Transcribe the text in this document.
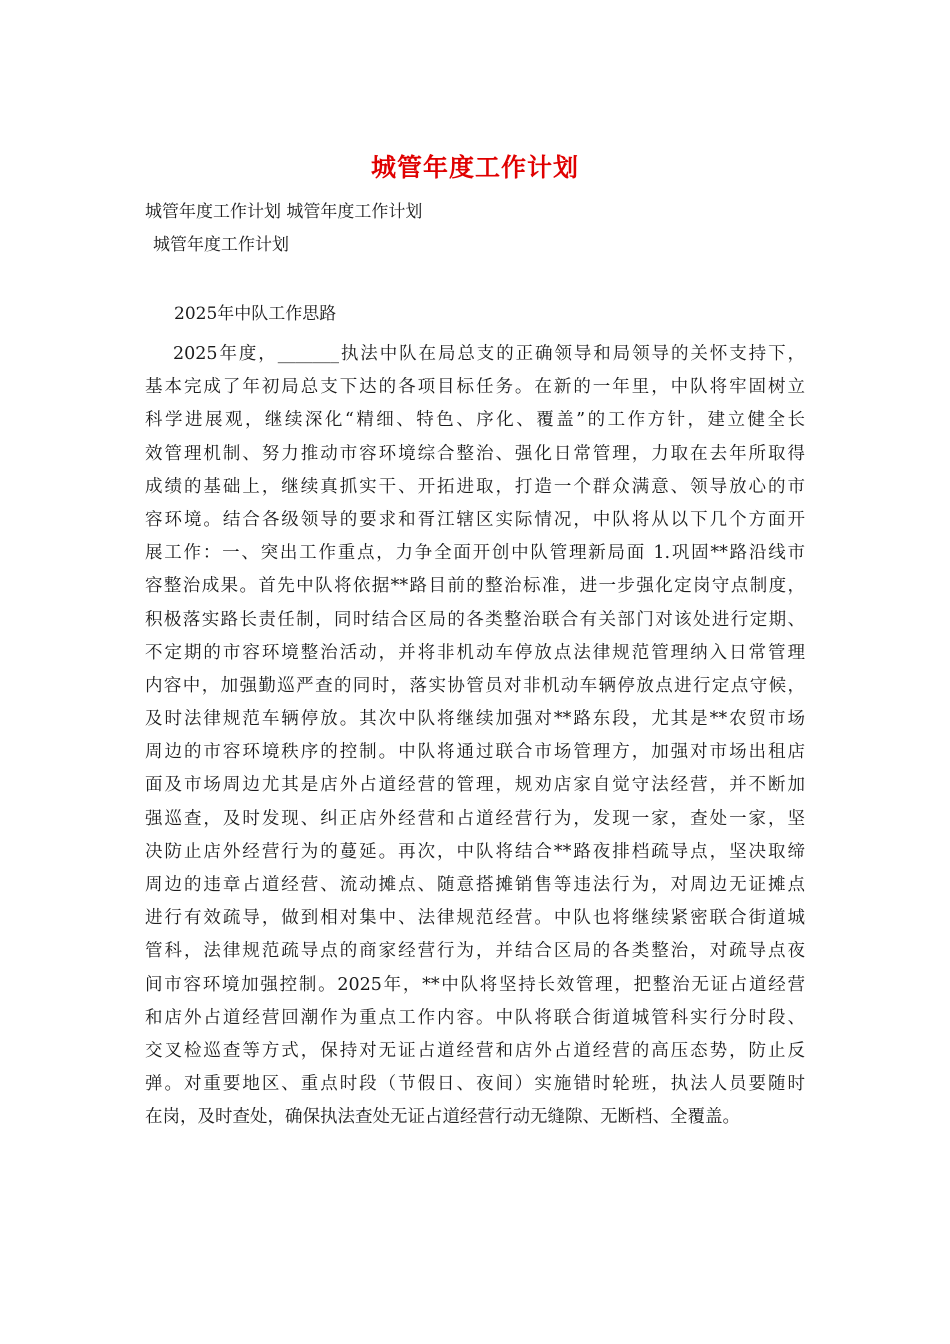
城管年度工作计划
城管年度工作计划 城管年度工作计划
城管年度工作计划
2025年中队工作思路
2025年度，_______执法中队在局总支的正确领导和局领导的关怀支持下，
基本完成了年初局总支下达的各项目标任务。在新的一年里，中队将牢固树立
科学进展观，继续深化“精细、特色、序化、覆盖”的工作方针，建立健全长
效管理机制、努力推动市容环境综合整治、强化日常管理，力取在去年所取得
成绩的基础上，继续真抓实干、开拓进取，打造一个群众满意、领导放心的市
容环境。结合各级领导的要求和胥江辖区实际情况，中队将从以下几个方面开
展工作：一、突出工作重点，力争全面开创中队管理新局面 1.巩固**路沿线市
容整治成果。首先中队将依据**路目前的整治标准，进一步强化定岗守点制度，
积极落实路长责任制，同时结合区局的各类整治联合有关部门对该处进行定期、
不定期的市容环境整治活动，并将非机动车停放点法律规范管理纳入日常管理
内容中，加强勤巡严查的同时，落实协管员对非机动车辆停放点进行定点守候，
及时法律规范车辆停放。其次中队将继续加强对**路东段，尤其是**农贸市场
周边的市容环境秩序的控制。中队将通过联合市场管理方，加强对市场出租店
面及市场周边尤其是店外占道经营的管理，规劝店家自觉守法经营，并不断加
强巡查，及时发现、纠正店外经营和占道经营行为，发现一家，查处一家，坚
决防止店外经营行为的蔓延。再次，中队将结合**路夜排档疏导点，坚决取缔
周边的违章占道经营、流动摊点、随意搭摊销售等违法行为，对周边无证摊点
进行有效疏导，做到相对集中、法律规范经营。中队也将继续紧密联合街道城
管科，法律规范疏导点的商家经营行为，并结合区局的各类整治，对疏导点夜
间市容环境加强控制。2025年，**中队将坚持长效管理，把整治无证占道经营
和店外占道经营回潮作为重点工作内容。中队将联合街道城管科实行分时段、
交叉检巡查等方式，保持对无证占道经营和店外占道经营的高压态势，防止反
弹。对重要地区、重点时段（节假日、夜间）实施错时轮班，执法人员要随时
在岗，及时查处，确保执法查处无证占道经营行动无缝隙、无断档、全覆盖。
